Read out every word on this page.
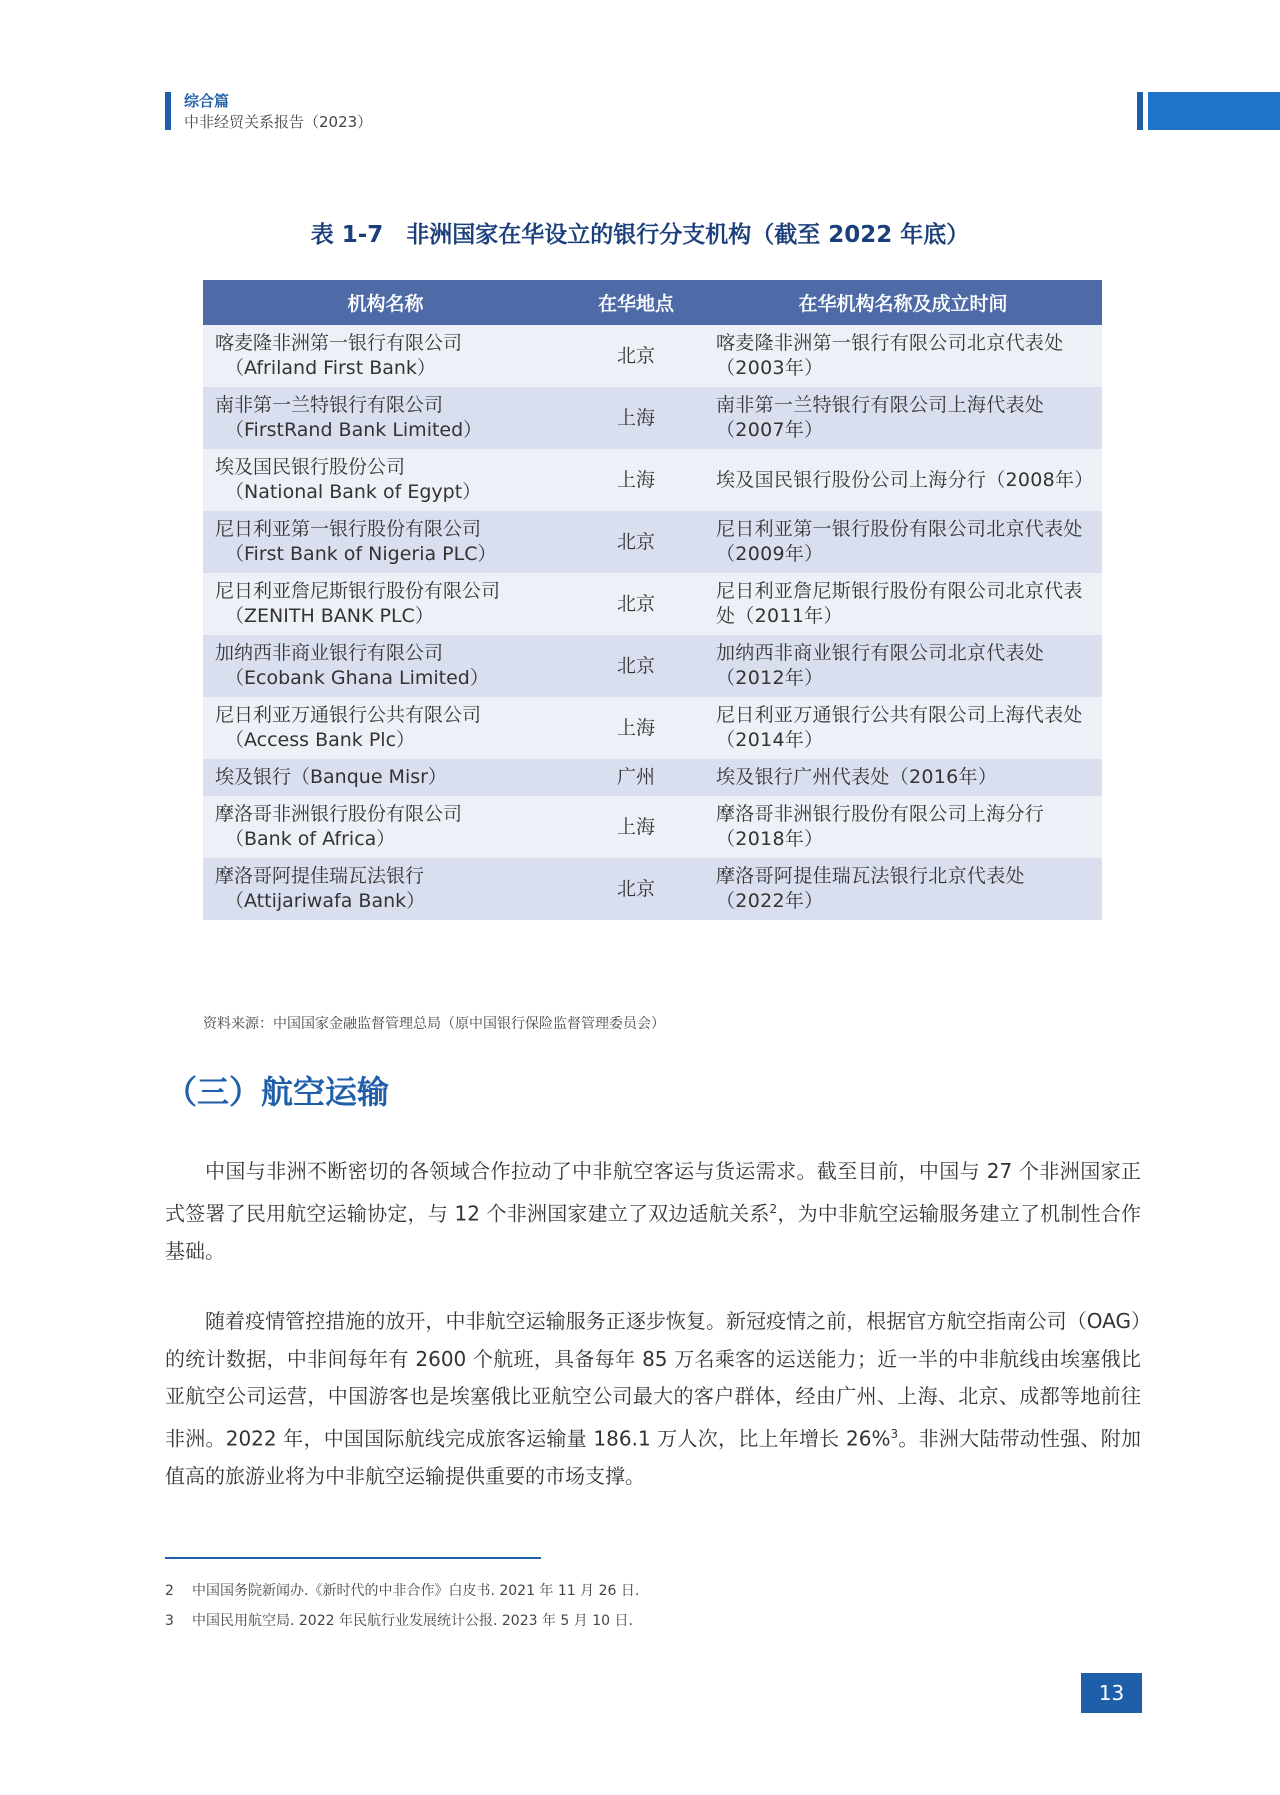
综合篇
中非经贸关系报告（2023）
表 1-7　非洲国家在华设立的银行分支机构（截至 2022 年底）
机构名称	在华地点	在华机构名称及成立时间
喀麦隆非洲第一银行有限公司
（Afriland First Bank）	北京	喀麦隆非洲第一银行有限公司北京代表处（2003年）
南非第一兰特银行有限公司
（FirstRand Bank Limited）	上海	南非第一兰特银行有限公司上海代表处（2007年）
埃及国民银行股份公司
（National Bank of Egypt）	上海	埃及国民银行股份公司上海分行（2008年）
尼日利亚第一银行股份有限公司
（First Bank of Nigeria PLC）	北京	尼日利亚第一银行股份有限公司北京代表处（2009年）
尼日利亚詹尼斯银行股份有限公司
（ZENITH BANK PLC）	北京	尼日利亚詹尼斯银行股份有限公司北京代表处（2011年）
加纳西非商业银行有限公司
（Ecobank Ghana Limited）	北京	加纳西非商业银行有限公司北京代表处（2012年）
尼日利亚万通银行公共有限公司
（Access Bank Plc）	上海	尼日利亚万通银行公共有限公司上海代表处（2014年）
埃及银行（Banque Misr）	广州	埃及银行广州代表处（2016年）
摩洛哥非洲银行股份有限公司
（Bank of Africa）	上海	摩洛哥非洲银行股份有限公司上海分行（2018年）
摩洛哥阿提佳瑞瓦法银行
（Attijariwafa Bank）	北京	摩洛哥阿提佳瑞瓦法银行北京代表处（2022年）
资料来源：中国国家金融监督管理总局（原中国银行保险监督管理委员会）
（三）航空运输

中国与非洲不断密切的各领域合作拉动了中非航空客运与货运需求。截至目前，中国与 27 个非洲国家正式签署了民用航空运输协定，与 12 个非洲国家建立了双边适航关系$^2$，为中非航空运输服务建立了机制性合作基础。

随着疫情管控措施的放开，中非航空运输服务正逐步恢复。新冠疫情之前，根据官方航空指南公司（OAG）的统计数据，中非间每年有 2600 个航班，具备每年 85 万名乘客的运送能力；近一半的中非航线由埃塞俄比亚航空公司运营，中国游客也是埃塞俄比亚航空公司最大的客户群体，经由广州、上海、北京、成都等地前往非洲。2022 年，中国国际航线完成旅客运输量 186.1 万人次，比上年增长 26%$^3$。非洲大陆带动性强、附加值高的旅游业将为中非航空运输提供重要的市场支撑。

2 中国国务院新闻办.《新时代的中非合作》白皮书. 2021 年 11 月 26 日.
3 中国民用航空局. 2022 年民航行业发展统计公报. 2023 年 5 月 10 日.
13
